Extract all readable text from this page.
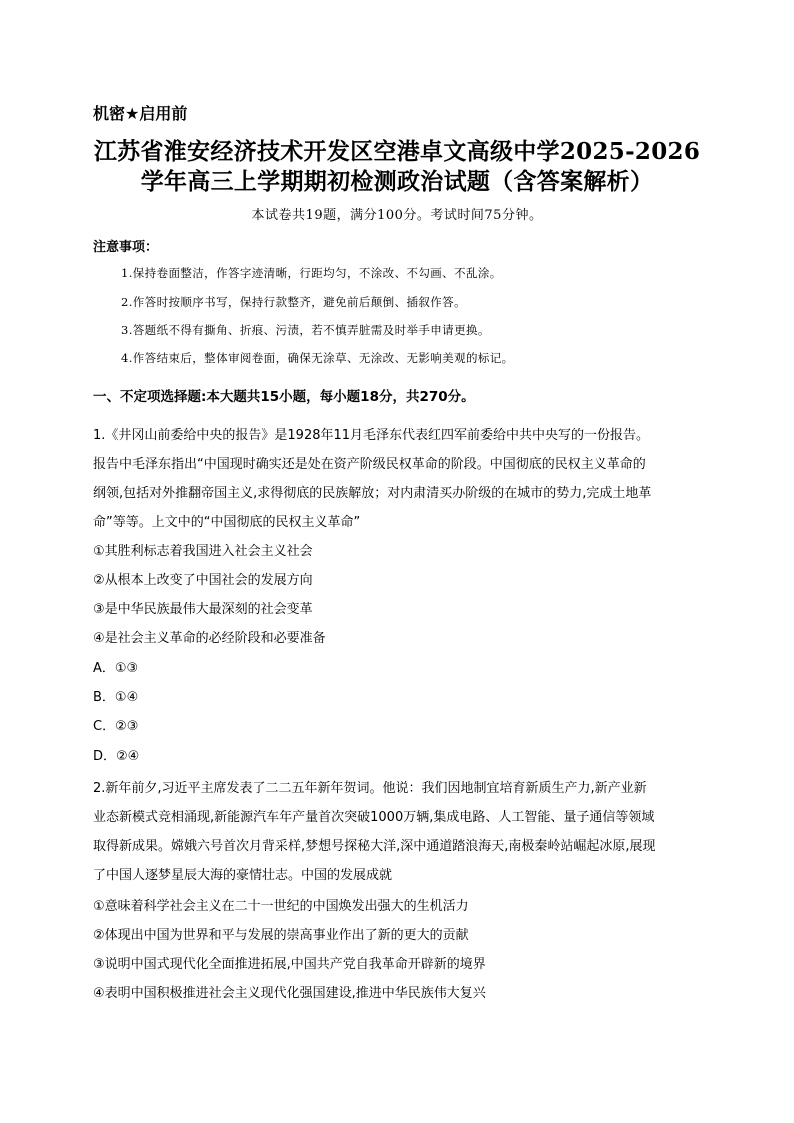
机密★启用前
江苏省淮安经济技术开发区空港卓文高级中学2025-2026
学年高三上学期期初检测政治试题（含答案解析）
本试卷共19题，满分100分。考试时间75分钟。
注意事项：
1.保持卷面整洁，作答字迹清晰，行距均匀，不涂改、不勾画、不乱涂。
2.作答时按顺序书写，保持行款整齐，避免前后颠倒、插叙作答。
3.答题纸不得有撕角、折痕、污渍，若不慎弄脏需及时举手申请更换。
4.作答结束后，整体审阅卷面，确保无涂草、无涂改、无影响美观的标记。
一、不定项选择题:本大题共15小题，每小题18分，共270分。
1.《井冈山前委给中央的报告》是1928年11月毛泽东代表红四军前委给中共中央写的一份报告。
报告中毛泽东指出“中国现时确实还是处在资产阶级民权革命的阶段。中国彻底的民权主义革命的
纲领,包括对外推翻帝国主义,求得彻底的民族解放；对内肃清买办阶级的在城市的势力,完成土地革
命”等等。上文中的“中国彻底的民权主义革命”
①其胜利标志着我国进入社会主义社会
②从根本上改变了中国社会的发展方向
③是中华民族最伟大最深刻的社会变革
④是社会主义革命的必经阶段和必要准备
A．①③
B．①④
C．②③
D．②④
2.新年前夕,习近平主席发表了二二五年新年贺词。他说：我们因地制宜培育新质生产力,新产业新
业态新模式竞相涌现,新能源汽车年产量首次突破1000万辆,集成电路、人工智能、量子通信等领域
取得新成果。嫦娥六号首次月背采样,梦想号探秘大洋,深中通道踏浪海天,南极秦岭站崛起冰原,展现
了中国人逐梦星辰大海的豪情壮志。中国的发展成就
①意味着科学社会主义在二十一世纪的中国焕发出强大的生机活力
②体现出中国为世界和平与发展的崇高事业作出了新的更大的贡献
③说明中国式现代化全面推进拓展,中国共产党自我革命开辟新的境界
④表明中国积极推进社会主义现代化强国建设,推进中华民族伟大复兴
